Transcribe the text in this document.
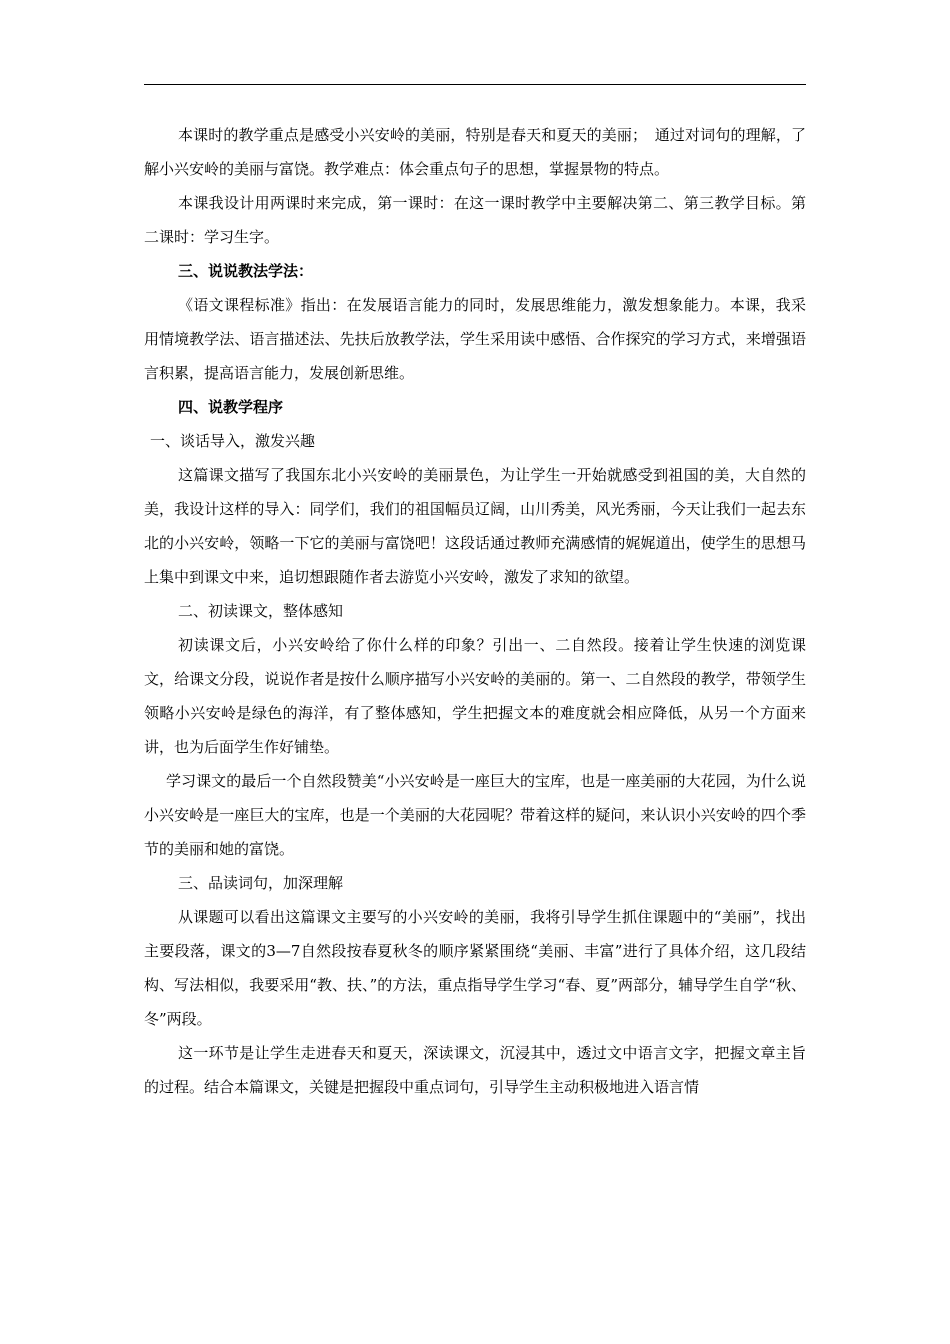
本课时的教学重点是感受小兴安岭的美丽，特别是春天和夏天的美丽；　通过对词句的理解，了解小兴安岭的美丽与富饶。教学难点：体会重点句子的思想，掌握景物的特点。

本课我设计用两课时来完成，第一课时：在这一课时教学中主要解决第二、第三教学目标。第二课时：学习生字。

三、说说教法学法：

《语文课程标准》指出：在发展语言能力的同时，发展思维能力，激发想象能力。本课，我采用情境教学法、语言描述法、先扶后放教学法，学生采用读中感悟、合作探究的学习方式，来增强语言积累，提高语言能力，发展创新思维。

四、说教学程序

一、谈话导入，激发兴趣

这篇课文描写了我国东北小兴安岭的美丽景色，为让学生一开始就感受到祖国的美，大自然的美，我设计这样的导入：同学们，我们的祖国幅员辽阔，山川秀美，风光秀丽，今天让我们一起去东北的小兴安岭，领略一下它的美丽与富饶吧！这段话通过教师充满感情的娓娓道出，使学生的思想马上集中到课文中来，追切想跟随作者去游览小兴安岭，激发了求知的欲望。

二、初读课文，整体感知

初读课文后，小兴安岭给了你什么样的印象？引出一、二自然段。接着让学生快速的浏览课文，给课文分段，说说作者是按什么顺序描写小兴安岭的美丽的。第一、二自然段的教学，带领学生领略小兴安岭是绿色的海洋，有了整体感知，学生把握文本的难度就会相应降低，从另一个方面来讲，也为后面学生作好铺垫。

学习课文的最后一个自然段赞美“小兴安岭是一座巨大的宝库，也是一座美丽的大花园，为什么说小兴安岭是一座巨大的宝库，也是一个美丽的大花园呢？带着这样的疑问，来认识小兴安岭的四个季节的美丽和她的富饶。

三、品读词句，加深理解

从课题可以看出这篇课文主要写的小兴安岭的美丽，我将引导学生抓住课题中的“美丽”，找出主要段落，课文的3—7自然段按春夏秋冬的顺序紧紧围绕“美丽、丰富”进行了具体介绍，这几段结构、写法相似，我要采用“教、扶、”的方法，重点指导学生学习“春、夏”两部分，辅导学生自学“秋、冬”两段。

这一环节是让学生走进春天和夏天，深读课文，沉浸其中，透过文中语言文字，把握文章主旨的过程。结合本篇课文，关键是把握段中重点词句，引导学生主动积极地进入语言情
